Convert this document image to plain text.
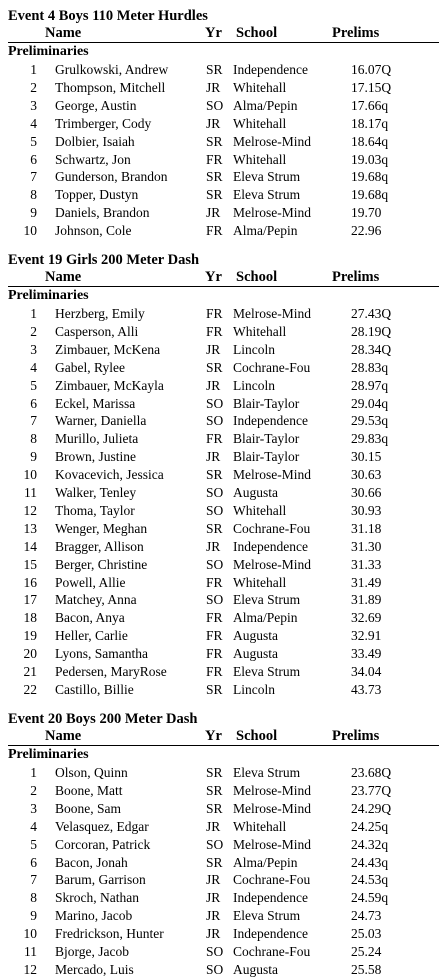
Event 4 Boys 110 Meter Hurdles
Name	Yr School	Prelims
Preliminaries
1 Grulkowski, Andrew	SR Independence	16.07Q
2 Thompson, Mitchell	JR Whitehall	17.15Q
3 George, Austin	SO Alma/Pepin	17.66q
4 Trimberger, Cody	JR Whitehall	18.17q
5 Dolbier, Isaiah	SR Melrose-Mind	18.64q
6 Schwartz, Jon	FR Whitehall	19.03q
7 Gunderson, Brandon	SR Eleva Strum	19.68q
8 Topper, Dustyn	SR Eleva Strum	19.68q
9 Daniels, Brandon	JR Melrose-Mind	19.70
10 Johnson, Cole	FR Alma/Pepin	22.96
Event 19 Girls 200 Meter Dash
Name	Yr School	Prelims
Preliminaries
1 Herzberg, Emily	FR Melrose-Mind	27.43Q
2 Casperson, Alli	FR Whitehall	28.19Q
3 Zimbauer, McKena	JR Lincoln	28.34Q
4 Gabel, Rylee	SR Cochrane-Fou	28.83q
5 Zimbauer, McKayla	JR Lincoln	28.97q
6 Eckel, Marissa	SO Blair-Taylor	29.04q
7 Warner, Daniella	SO Independence	29.53q
8 Murillo, Julieta	FR Blair-Taylor	29.83q
9 Brown, Justine	JR Blair-Taylor	30.15
10 Kovacevich, Jessica	SR Melrose-Mind	30.63
11 Walker, Tenley	SO Augusta	30.66
12 Thoma, Taylor	SO Whitehall	30.93
13 Wenger, Meghan	SR Cochrane-Fou	31.18
14 Bragger, Allison	JR Independence	31.30
15 Berger, Christine	SO Melrose-Mind	31.33
16 Powell, Allie	FR Whitehall	31.49
17 Matchey, Anna	SO Eleva Strum	31.89
18 Bacon, Anya	FR Alma/Pepin	32.69
19 Heller, Carlie	FR Augusta	32.91
20 Lyons, Samantha	FR Augusta	33.49
21 Pedersen, MaryRose	FR Eleva Strum	34.04
22 Castillo, Billie	SR Lincoln	43.73
Event 20 Boys 200 Meter Dash
Name	Yr School	Prelims
Preliminaries
1 Olson, Quinn	SR Eleva Strum	23.68Q
2 Boone, Matt	SR Melrose-Mind	23.77Q
3 Boone, Sam	SR Melrose-Mind	24.29Q
4 Velasquez, Edgar	JR Whitehall	24.25q
5 Corcoran, Patrick	SO Melrose-Mind	24.32q
6 Bacon, Jonah	SR Alma/Pepin	24.43q
7 Barum, Garrison	JR Cochrane-Fou	24.53q
8 Skroch, Nathan	JR Independence	24.59q
9 Marino, Jacob	JR Eleva Strum	24.73
10 Fredrickson, Hunter	JR Independence	25.03
11 Bjorge, Jacob	SO Cochrane-Fou	25.24
12 Mercado, Luis	SO Augusta	25.58
